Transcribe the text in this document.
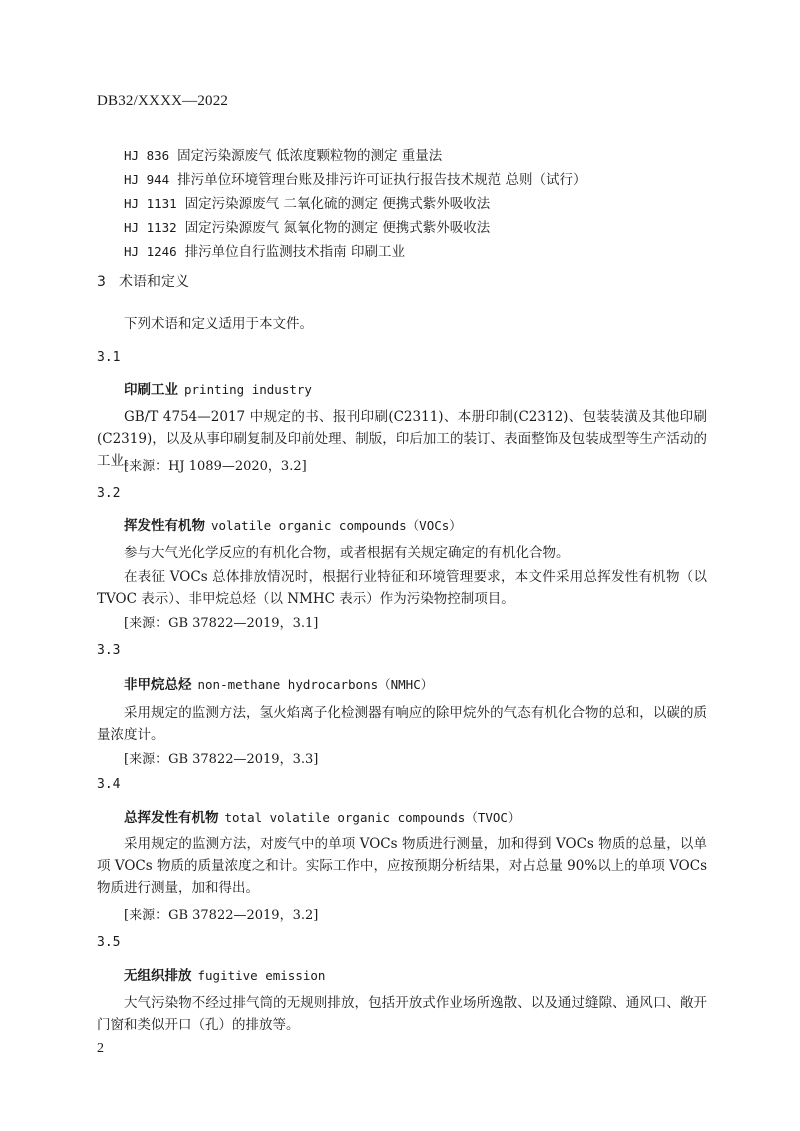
DB32/XXXX—2022
HJ 836 固定污染源废气 低浓度颗粒物的测定 重量法
HJ 944 排污单位环境管理台账及排污许可证执行报告技术规范 总则（试行）
HJ 1131 固定污染源废气 二氧化硫的测定 便携式紫外吸收法
HJ 1132 固定污染源废气 氮氧化物的测定 便携式紫外吸收法
HJ 1246 排污单位自行监测技术指南 印刷工业
3 术语和定义
下列术语和定义适用于本文件。
3.1
印刷工业 printing industry
GB/T 4754—2017 中规定的书、报刊印刷(C2311)、本册印制(C2312)、包装装潢及其他印刷(C2319)，以及从事印刷复制及印前处理、制版，印后加工的装订、表面整饰及包装成型等生产活动的工业。
[来源：HJ 1089—2020，3.2]
3.2
挥发性有机物 volatile organic compounds（VOCs）
参与大气光化学反应的有机化合物，或者根据有关规定确定的有机化合物。
在表征 VOCs 总体排放情况时，根据行业特征和环境管理要求，本文件采用总挥发性有机物（以 TVOC 表示）、非甲烷总烃（以 NMHC 表示）作为污染物控制项目。
[来源：GB 37822—2019，3.1]
3.3
非甲烷总烃 non-methane hydrocarbons（NMHC）
采用规定的监测方法，氢火焰离子化检测器有响应的除甲烷外的气态有机化合物的总和，以碳的质量浓度计。
[来源：GB 37822—2019，3.3]
3.4
总挥发性有机物 total volatile organic compounds（TVOC）
采用规定的监测方法，对废气中的单项 VOCs 物质进行测量，加和得到 VOCs 物质的总量，以单项 VOCs 物质的质量浓度之和计。实际工作中，应按预期分析结果，对占总量 90%以上的单项 VOCs 物质进行测量，加和得出。
[来源：GB 37822—2019，3.2]
3.5
无组织排放 fugitive emission
大气污染物不经过排气筒的无规则排放，包括开放式作业场所逸散、以及通过缝隙、通风口、敞开门窗和类似开口（孔）的排放等。
2
